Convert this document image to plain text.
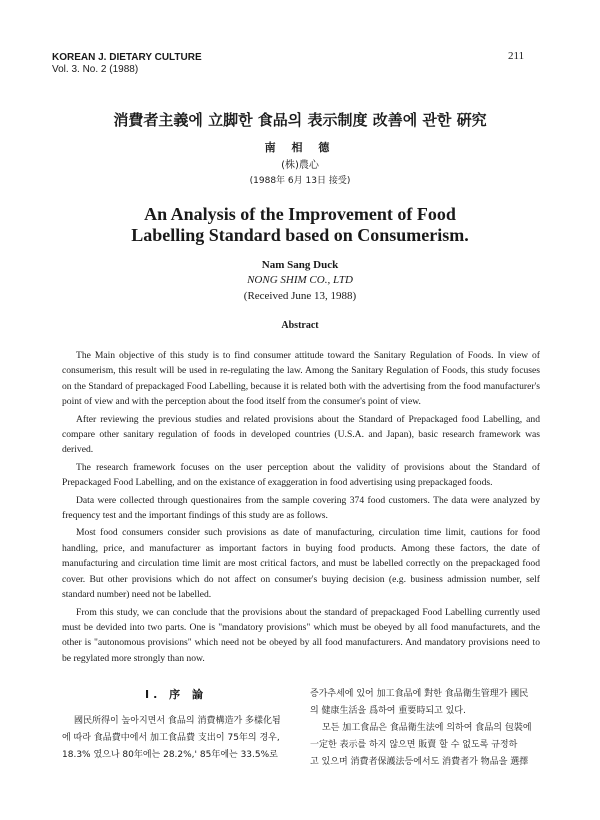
KOREAN J. DIETARY CULTURE
Vol. 3. No. 2 (1988)
211
消費者主義에 立脚한 食品의 表示制度 改善에 관한 硏究
南 相 德
(株)農心
(1988年 6月 13日 接受)
An Analysis of the Improvement of Food
Labelling Standard based on Consumerism.
Nam Sang Duck
NONG SHIM CO., LTD
(Received June 13, 1988)
Abstract

The Main objective of this study is to find consumer attitude toward the Sanitary Regulation of Foods. In view of consumerism, this result will be used in re-regulating the law. Among the Sanitary Regulation of Foods, this study focuses on the Standard of prepackaged Food Labelling, because it is related both with the advertising from the food manufacturer's point of view and with the perception about the food itself from the consumer's point of view.

After reviewing the previous studies and related provisions about the Standard of Prepackaged food Labelling, and compare other sanitary regulation of foods in developed countries (U.S.A. and Japan), basic research framework was derived.

The research framework focuses on the user perception about the validity of provisions about the Standard of Prepackaged Food Labelling, and on the existance of exaggeration in food advertising using prepackaged foods.

Data were collected through questionaires from the sample covering 374 food customers. The data were analyzed by frequency test and the important findings of this study are as follows.

Most food consumers consider such provisions as date of manufacturing, circulation time limit, cautions for food handling, price, and manufacturer as important factors in buying food products. Among these factors, the date of manufacturing and circulation time limit are most critical factors, and must be labelled correctly on the prepackaged food cover. But other provisions which do not affect on consumer's buying decision (e.g. business admission number, self standard number) need not be labelled.

From this study, we can conclude that the provisions about the standard of prepackaged Food Labelling currently used must be devided into two parts. One is "mandatory provisions" which must be obeyed by all food manufacturets, and the other is "autonomous provisions" which need not be obeyed by all food manufacturers. And mandatory provisions need to be regylated more strongly than now.

Ⅰ. 序 論

國民所得이 높아지면서 食品의 消費構造가 多樣化됨

에 따라 食品費中에서 加工食品費 支出이 75年의 경우,

18.3% 였으나 80年에는 28.2%,' 85年에는 33.5%로

증가추세에 있어 加工食品에 對한 食品衛生管理가 國民

의 健康生活을 爲하여 重要時되고 있다.

모든 加工食品은 食品衛生法에 의하여 食品의 包裝에

一定한 表示를 하지 않으면 販賣 할 수 없도록 규정하

고 있으며 消費者保護法등에서도 消費者가 物品을 選擇
